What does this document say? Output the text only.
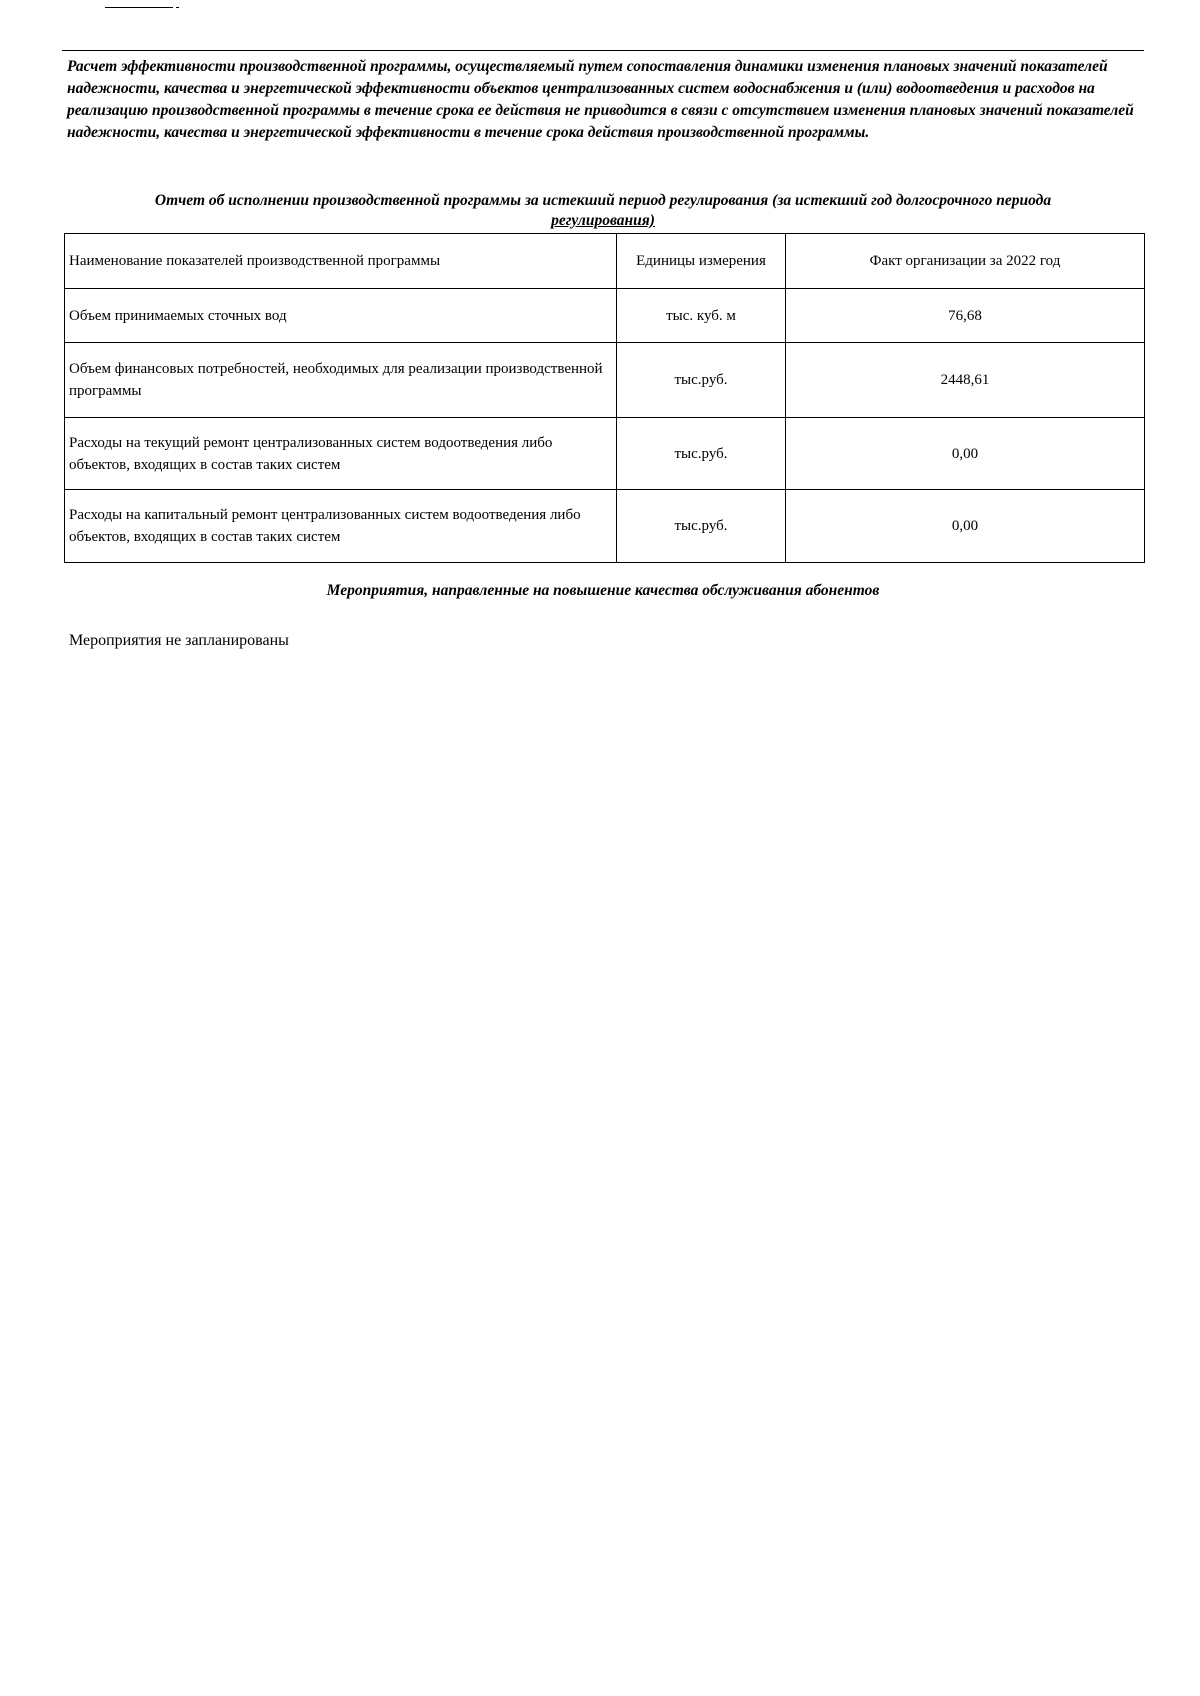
Расчет эффективности производственной программы, осуществляемый путем сопоставления динамики изменения плановых значений показателей надежности, качества и энергетической эффективности объектов централизованных систем водоснабжения и (или) водоотведения и расходов на реализацию производственной программы в течение срока ее действия не приводится в связи с отсутствием изменения плановых значений показателей надежности, качества и энергетической эффективности в течение срока действия производственной программы.

Отчет об исполнении производственной программы за истекший период регулирования (за истекший год долгосрочного периода
регулирования)

Наименование показателей производственной программы	Единицы измерения	Факт организации за 2022 год
Объем принимаемых сточных вод	тыс. куб. м	76,68
Объем финансовых потребностей, необходимых для реализации производственной программы	тыс.руб.	2448,61
Расходы на текущий ремонт централизованных систем водоотведения либо объектов, входящих в состав таких систем	тыс.руб.	0,00
Расходы на капитальный ремонт централизованных систем водоотведения либо объектов, входящих в состав таких систем	тыс.руб.	0,00

Мероприятия, направленные на повышение качества обслуживания абонентов

Мероприятия не запланированы
